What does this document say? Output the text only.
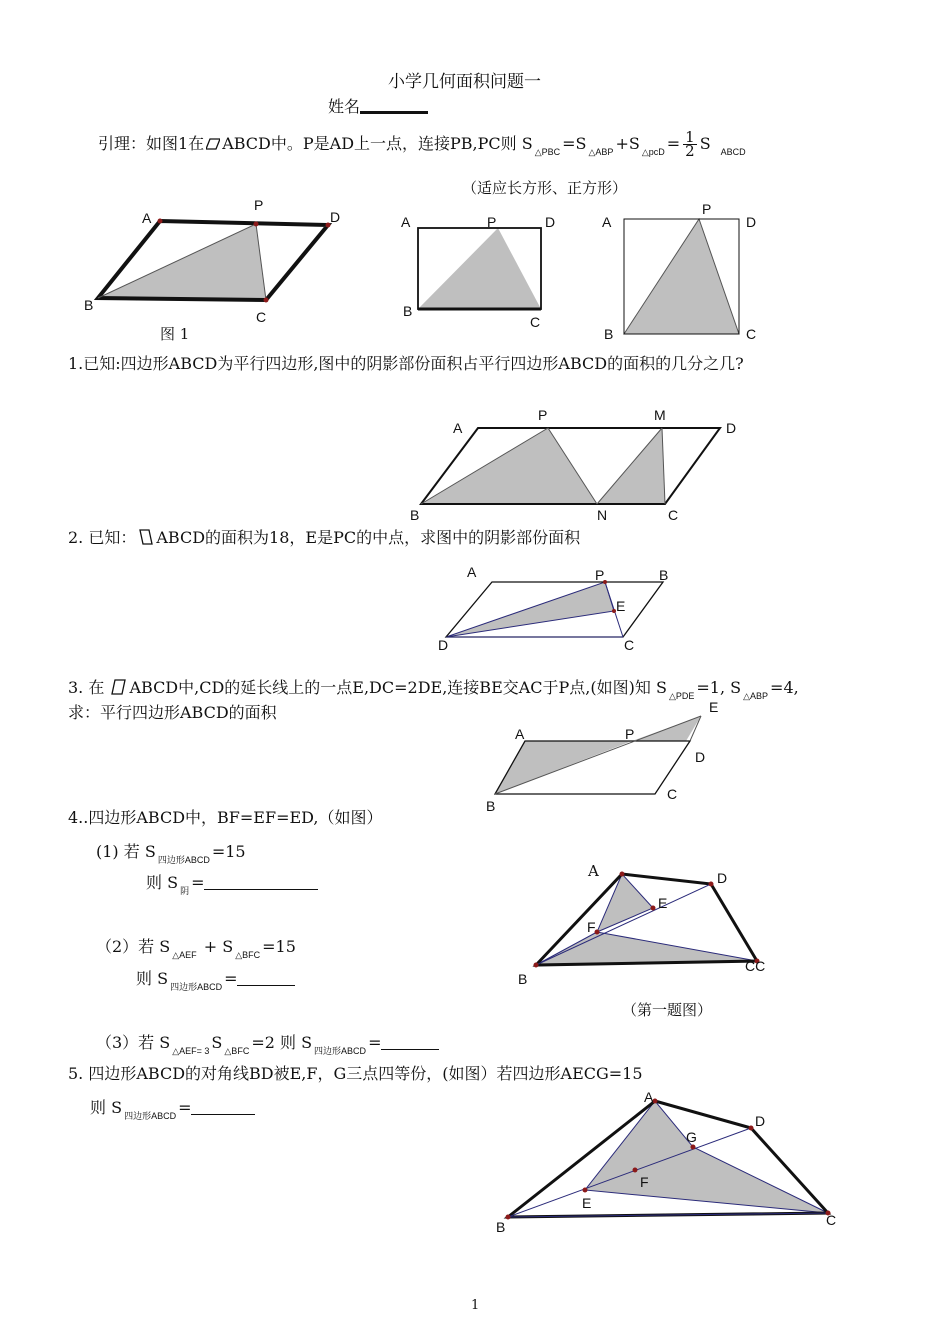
小学几何面积问题一
姓名
引理：如图1在 ABCD中。P是AD上一点，连接PB,PC则 S $_{\triangle PBC}$ =S $_{\triangle ABP}$ +S $_{\triangle pcD} = \frac{1}{2}$ S $_{ABCD}$
（适应长方形、正方形）
图 1
1.已知:四边形ABCD为平行四边形,图中的阴影部份面积占平行四边形ABCD的面积的几分之几?
2. 已知： ABCD的面积为18，E是PC的中点，求图中的阴影部份面积
3. 在 ABCD中,CD的延长线上的一点E,DC=2DE,连接BE交AC于P点,(如图)知 S $_{\triangle PDE}$ =1, S $_{\triangle ABP}$ =4,
求：平行四边形ABCD的面积
4..四边形ABCD中，BF=EF=ED,（如图）
(1) 若 S $_{四边形ABCD}$ =15
则 S $_阴$ =
（2）若 S $_{\triangle AEF}$ + S $_{\triangle BFC}$ =15
则 S $_{四边形ABCD}$ =
（第一题图）
（3）若 S $_{\triangle AEF= 3}$ S $_{\triangle BFC}$ =2 则 S $_{四边形ABCD}$ =
5. 四边形ABCD的对角线BD被E,F，G三点四等份，(如图）若四边形AECG=15
则 S $_{四边形ABCD}$ =
1
A
P
D
B
C
A	P	D
B
C
A
P
D
B	C
A
P	M
D
B	N	C
A	P	B
E
D	C
A	P
E
D
C
B
A	D
E
F
B
CC
A
D
G
F
E
B	C
